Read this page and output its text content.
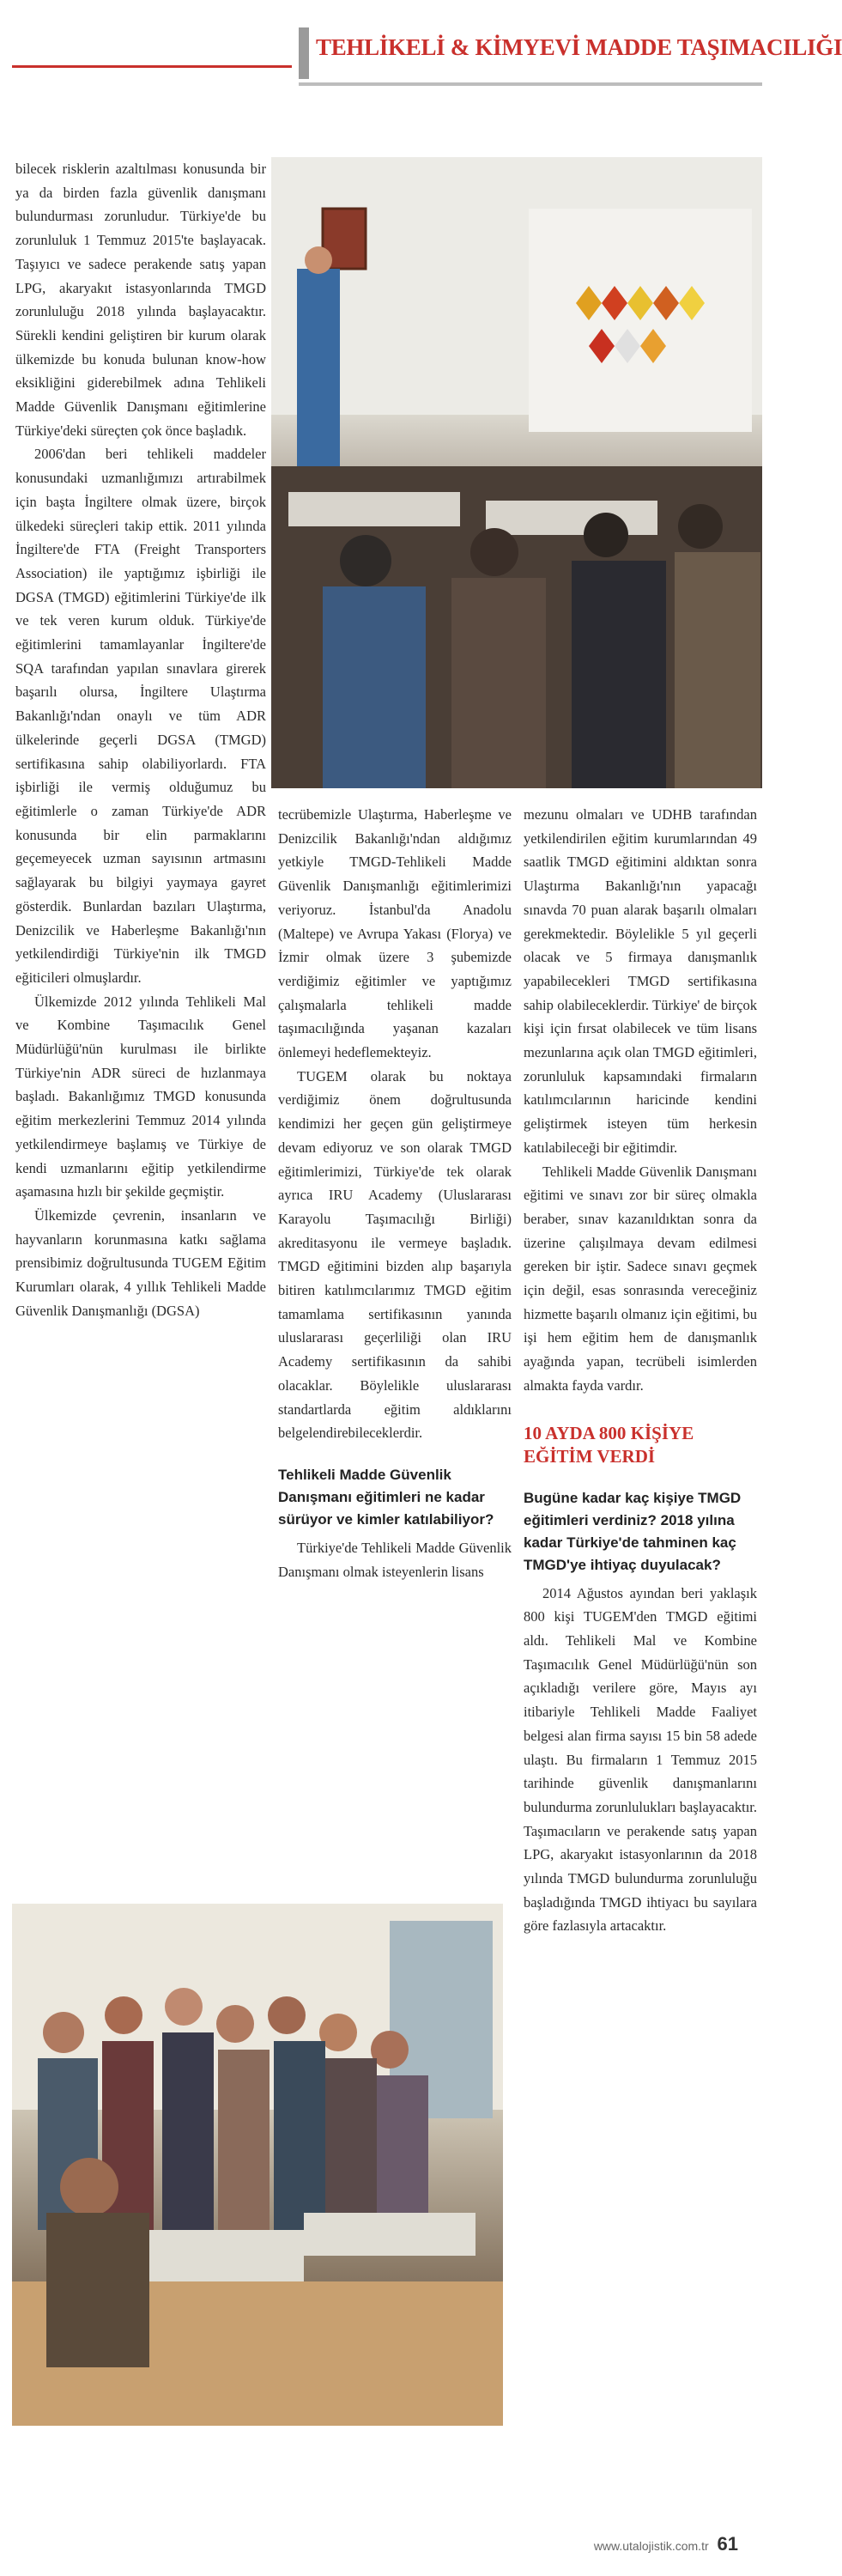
TEHLİKELİ & KİMYEVİ MADDE TAŞIMACILIĞI

bilecek risklerin azaltılması konusunda bir ya da birden fazla güvenlik danışmanı bulundurması zorunludur. Türkiye'de bu zorunluluk 1 Temmuz 2015'te başlayacak. Taşıyıcı ve sadece perakende satış yapan LPG, akaryakıt istasyonlarında TMGD zorunluluğu 2018 yılında başlayacaktır. Sürekli kendini geliştiren bir kurum olarak ülkemizde bu konuda bulunan know-how eksikliğini giderebilmek adına Tehlikeli Madde Güvenlik Danışmanı eğitimlerine Türkiye'deki süreçten çok önce başladık.

2006'dan beri tehlikeli maddeler konusundaki uzmanlığımızı artırabilmek için başta İngiltere olmak üzere, birçok ülkedeki süreçleri takip ettik. 2011 yılında İngiltere'de FTA (Freight Transporters Association) ile yaptığımız işbirliği ile DGSA (TMGD) eğitimlerini Türkiye'de ilk ve tek veren kurum olduk. Türkiye'de eğitimlerini tamamlayanlar İngiltere'de SQA tarafından yapılan sınavlara girerek başarılı olursa, İngiltere Ulaştırma Bakanlığı'ndan onaylı ve tüm ADR ülkelerinde geçerli DGSA (TMGD) sertifikasına sahip olabiliyorlardı. FTA işbirliği ile vermiş olduğumuz bu eğitimlerle o zaman Türkiye'de ADR konusunda bir elin parmaklarını geçemeyecek uzman sayısının artmasını sağlayarak bu bilgiyi yaymaya gayret gösterdik. Bunlardan bazıları Ulaştırma, Denizcilik ve Haberleşme Bakanlığı'nın yetkilendirdiği Türkiye'nin ilk TMGD eğiticileri olmuşlardır.

Ülkemizde 2012 yılında Tehlikeli Mal ve Kombine Taşımacılık Genel Müdürlüğü'nün kurulması ile birlikte Türkiye'nin ADR süreci de hızlanmaya başladı. Bakanlığımız TMGD konusunda eğitim merkezlerini Temmuz 2014 yılında yetkilendirmeye başlamış ve Türkiye de kendi uzmanlarını eğitip yetkilendirme aşamasına hızlı bir şekilde geçmiştir.

Ülkemizde çevrenin, insanların ve hayvanların korunmasına katkı sağlama prensibimiz doğrultusunda TUGEM Eğitim Kurumları olarak, 4 yıllık Tehlikeli Madde Güvenlik Danışmanlığı (DGSA)

tecrübemizle Ulaştırma, Haberleşme ve Denizcilik Bakanlığı'ndan aldığımız yetkiyle TMGD-Tehlikeli Madde Güvenlik Danışmanlığı eğitimlerimizi veriyoruz. İstanbul'da Anadolu (Maltepe) ve Avrupa Yakası (Florya) ve İzmir olmak üzere 3 şubemizde verdiğimiz eğitimler ve yaptığımız çalışmalarla tehlikeli madde taşımacılığında yaşanan kazaları önlemeyi hedeflemekteyiz.

TUGEM olarak bu noktaya verdiğimiz önem doğrultusunda kendimizi her geçen gün geliştirmeye devam ediyoruz ve son olarak TMGD eğitimlerimizi, Türkiye'de tek olarak ayrıca IRU Academy (Uluslararası Karayolu Taşımacılığı Birliği) akreditasyonu ile vermeye başladık. TMGD eğitimini bizden alıp başarıyla bitiren katılımcılarımız TMGD eğitim tamamlama sertifikasının yanında uluslararası geçerliliği olan IRU Academy sertifikasının da sahibi olacaklar. Böylelikle uluslararası standartlarda eğitim aldıklarını belgelendirebileceklerdir.

Tehlikeli Madde Güvenlik Danışmanı eğitimleri ne kadar sürüyor ve kimler katılabiliyor?

Türkiye'de Tehlikeli Madde Güvenlik Danışmanı olmak isteyenlerin lisans

mezunu olmaları ve UDHB tarafından yetkilendirilen eğitim kurumlarından 49 saatlik TMGD eğitimini aldıktan sonra Ulaştırma Bakanlığı'nın yapacağı sınavda 70 puan alarak başarılı olmaları gerekmektedir. Böylelikle 5 yıl geçerli olacak ve 5 firmaya danışmanlık yapabilecekleri TMGD sertifikasına sahip olabileceklerdir. Türkiye' de birçok kişi için fırsat olabilecek ve tüm lisans mezunlarına açık olan TMGD eğitimleri, zorunluluk kapsamındaki firmaların katılımcılarının haricinde kendini geliştirmek isteyen tüm herkesin katılabileceği bir eğitimdir.

Tehlikeli Madde Güvenlik Danışmanı eğitimi ve sınavı zor bir süreç olmakla beraber, sınav kazanıldıktan sonra da üzerine çalışılmaya devam edilmesi gereken bir iştir. Sadece sınavı geçmek için değil, esas sonrasında vereceğiniz hizmette başarılı olmanız için eğitimi, bu işi hem eğitim hem de danışmanlık ayağında yapan, tecrübeli isimlerden almakta fayda vardır.

10 AYDA 800 KİŞİYE EĞİTİM VERDİ
Bugüne kadar kaç kişiye TMGD eğitimleri verdiniz? 2018 yılına kadar Türkiye'de tahminen kaç TMGD'ye ihtiyaç duyulacak?

2014 Ağustos ayından beri yaklaşık 800 kişi TUGEM'den TMGD eğitimi aldı. Tehlikeli Mal ve Kombine Taşımacılık Genel Müdürlüğü'nün son açıkladığı verilere göre, Mayıs ayı itibariyle Tehlikeli Madde Faaliyet belgesi alan firma sayısı 15 bin 58 adede ulaştı. Bu firmaların 1 Temmuz 2015 tarihinde güvenlik danışmanlarını bulundurma zorunlulukları başlayacaktır. Taşımacıların ve perakende satış yapan LPG, akaryakıt istasyonlarının da 2018 yılında TMGD bulundurma zorunluluğu başladığında TMGD ihtiyacı bu sayılara göre fazlasıyla artacaktır.

www.utalojistik.com.tr 61
